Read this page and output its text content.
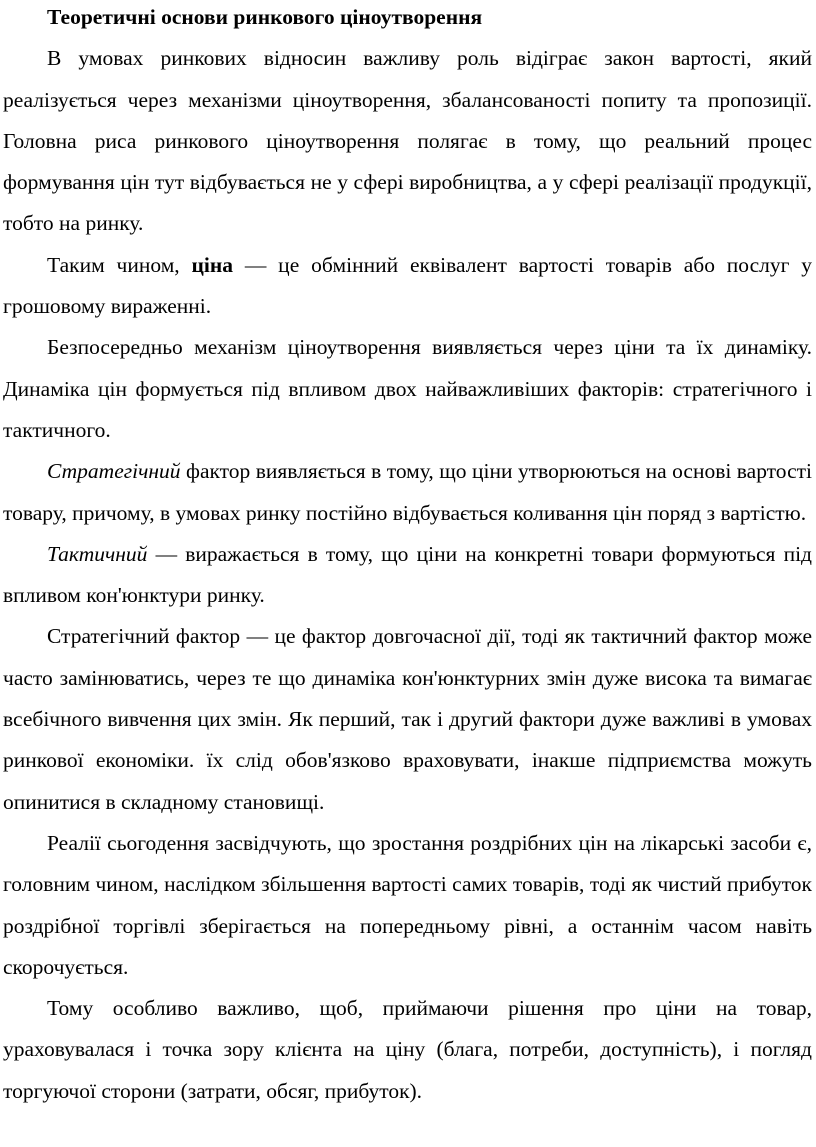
Теоретичні основи ринкового ціноутворення

В умовах ринкових відносин важливу роль відіграє закон вартості, який реалізується через механізми ціноутворення, збалансованості попиту та пропозиції. Головна риса ринкового ціноутворення полягає в тому, що реальний процес формування цін тут відбувається не у сфері виробництва, а у сфері реалізації продукції, тобто на ринку.

Таким чином, ціна — це обмінний еквівалент вартості товарів або послуг у грошовому вираженні.

Безпосередньо механізм ціноутворення виявляється через ціни та їх динаміку. Динаміка цін формується під впливом двох найважливіших факторів: стратегічного і тактичного.

Стратегічний фактор виявляється в тому, що ціни утворюються на основі вартості товару, причому, в умовах ринку постійно відбувається коливання цін поряд з вартістю.

Тактичний — виражається в тому, що ціни на конкретні товари формуються під впливом кон'юнктури ринку.

Стратегічний фактор — це фактор довгочасної дії, тоді як тактичний фактор може часто замінюватись, через те що динаміка кон'юнктурних змін дуже висока та вимагає всебічного вивчення цих змін. Як перший, так і другий фактори дуже важливі в умовах ринкової економіки. їх слід обов'язково враховувати, інакше підприємства можуть опинитися в складному становищі.

Реалії сьогодення засвідчують, що зростання роздрібних цін на лікарські засоби є, головним чином, наслідком збільшення вартості самих товарів, тоді як чистий прибуток роздрібної торгівлі зберігається на попередньому рівні, а останнім часом навіть скорочується.

Тому особливо важливо, щоб, приймаючи рішення про ціни на товар, ураховувалася і точка зору клієнта на ціну (блага, потреби, доступність), і погляд торгуючої сторони (затрати, обсяг, прибуток).
